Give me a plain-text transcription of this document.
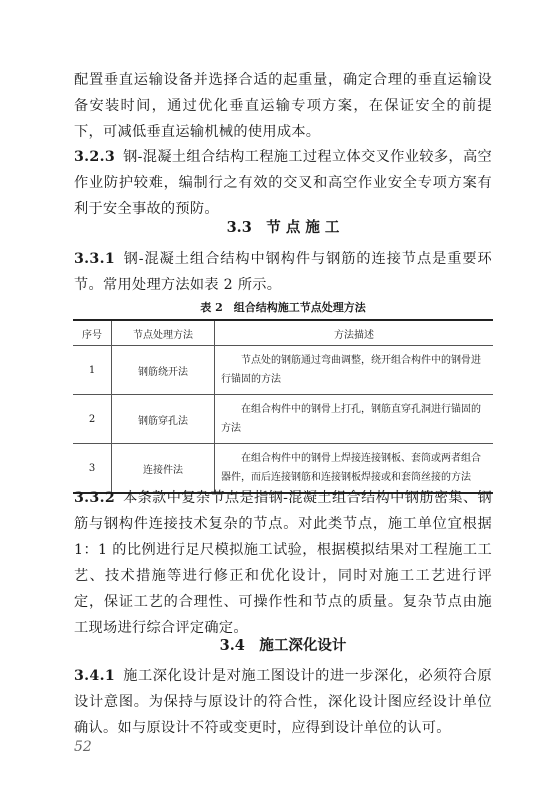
配置垂直运输设备并选择合适的起重量，确定合理的垂直运输设备安装时间，通过优化垂直运输专项方案，在保证安全的前提下，可减低垂直运输机械的使用成本。

3.2.3 钢-混凝土组合结构工程施工过程立体交叉作业较多，高空作业防护较难，编制行之有效的交叉和高空作业安全专项方案有利于安全事故的预防。

3.3　节 点 施 工

3.3.1 钢-混凝土组合结构中钢构件与钢筋的连接节点是重要环节。常用处理方法如表 2 所示。

表 2　组合结构施工节点处理方法
序号	节点处理方法	方法描述
1	钢筋绕开法	节点处的钢筋通过弯曲调整，绕开组合构件中的钢骨进行锚固的方法
2	钢筋穿孔法	在组合构件中的钢骨上打孔，钢筋直穿孔洞进行锚固的方法
3	连接件法	在组合构件中的钢骨上焊接连接钢板、套筒或两者组合器件，而后连接钢筋和连接钢板焊接或和套筒丝接的方法

3.3.2 本条款中复杂节点是指钢-混凝土组合结构中钢筋密集、钢筋与钢构件连接技术复杂的节点。对此类节点，施工单位宜根据 1：1 的比例进行足尺模拟施工试验，根据模拟结果对工程施工工艺、技术措施等进行修正和优化设计，同时对施工工艺进行评定，保证工艺的合理性、可操作性和节点的质量。复杂节点由施工现场进行综合评定确定。

3.4　施工深化设计

3.4.1 施工深化设计是对施工图设计的进一步深化，必须符合原设计意图。为保持与原设计的符合性，深化设计图应经设计单位确认。如与原设计不符或变更时，应得到设计单位的认可。

52
